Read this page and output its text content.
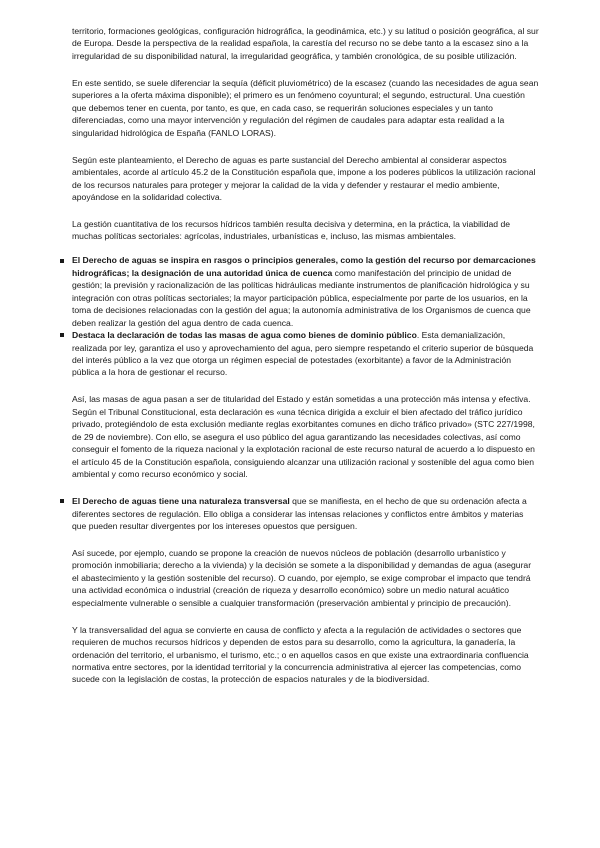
territorio, formaciones geológicas, configuración hidrográfica, la geodinámica, etc.) y su latitud o posición geográfica, al sur de Europa. Desde la perspectiva de la realidad española, la carestía del recurso no se debe tanto a la escasez sino a la irregularidad de su disponibilidad natural, la irregularidad geográfica, y también cronológica, de su posible utilización.

En este sentido, se suele diferenciar la sequía (déficit pluviométrico) de la escasez (cuando las necesidades de agua sean superiores a la oferta máxima disponible); el primero es un fenómeno coyuntural; el segundo, estructural. Una cuestión que debemos tener en cuenta, por tanto, es que, en cada caso, se requerirán soluciones especiales y un tanto diferenciadas, como una mayor intervención y regulación del régimen de caudales para adaptar esta realidad a la singularidad hidrológica de España (FANLO LORAS).

Según este planteamiento, el Derecho de aguas es parte sustancial del Derecho ambiental al considerar aspectos ambientales, acorde al artículo 45.2 de la Constitución española que, impone a los poderes públicos la utilización racional de los recursos naturales para proteger y mejorar la calidad de la vida y defender y restaurar el medio ambiente, apoyándose en la solidaridad colectiva.

La gestión cuantitativa de los recursos hídricos también resulta decisiva y determina, en la práctica, la viabilidad de muchas políticas sectoriales: agrícolas, industriales, urbanísticas e, incluso, las mismas ambientales.

El Derecho de aguas se inspira en rasgos o principios generales, como la gestión del recurso por demarcaciones hidrográficas; la designación de una autoridad única de cuenca como manifestación del principio de unidad de gestión; la previsión y racionalización de las políticas hidráulicas mediante instrumentos de planificación hidrológica y su integración con otras políticas sectoriales; la mayor participación pública, especialmente por parte de los usuarios, en la toma de decisiones relacionadas con la gestión del agua; la autonomía administrativa de los Organismos de cuenca que deben realizar la gestión del agua dentro de cada cuenca.

Destaca la declaración de todas las masas de agua como bienes de dominio público. Esta demanialización, realizada por ley, garantiza el uso y aprovechamiento del agua, pero siempre respetando el criterio superior de búsqueda del interés público a la vez que otorga un régimen especial de potestades (exorbitante) a favor de la Administración pública a la hora de gestionar el recurso.

Así, las masas de agua pasan a ser de titularidad del Estado y están sometidas a una protección más intensa y efectiva. Según el Tribunal Constitucional, esta declaración es «una técnica dirigida a excluir el bien afectado del tráfico jurídico privado, protegiéndolo de esta exclusión mediante reglas exorbitantes comunes en dicho tráfico privado» (STC 227/1998, de 29 de noviembre). Con ello, se asegura el uso público del agua garantizando las necesidades colectivas, así como conseguir el fomento de la riqueza nacional y la explotación racional de este recurso natural de acuerdo a lo dispuesto en el artículo 45 de la Constitución española, consiguiendo alcanzar una utilización racional y sostenible del agua como bien ambiental y como recurso económico y social.

El Derecho de aguas tiene una naturaleza transversal que se manifiesta, en el hecho de que su ordenación afecta a diferentes sectores de regulación. Ello obliga a considerar las intensas relaciones y conflictos entre ámbitos y materias que pueden resultar divergentes por los intereses opuestos que persiguen.

Así sucede, por ejemplo, cuando se propone la creación de nuevos núcleos de población (desarrollo urbanístico y promoción inmobiliaria; derecho a la vivienda) y la decisión se somete a la disponibilidad y demandas de agua (asegurar el abastecimiento y la gestión sostenible del recurso). O cuando, por ejemplo, se exige comprobar el impacto que tendrá una actividad económica o industrial (creación de riqueza y desarrollo económico) sobre un medio natural acuático especialmente vulnerable o sensible a cualquier transformación (preservación ambiental y principio de precaución).

Y la transversalidad del agua se convierte en causa de conflicto y afecta a la regulación de actividades o sectores que requieren de muchos recursos hídricos y dependen de estos para su desarrollo, como la agricultura, la ganadería, la ordenación del territorio, el urbanismo, el turismo, etc.; o en aquellos casos en que existe una extraordinaria confluencia normativa entre sectores, por la identidad territorial y la concurrencia administrativa al ejercer las competencias, como sucede con la legislación de costas, la protección de espacios naturales y de la biodiversidad.
